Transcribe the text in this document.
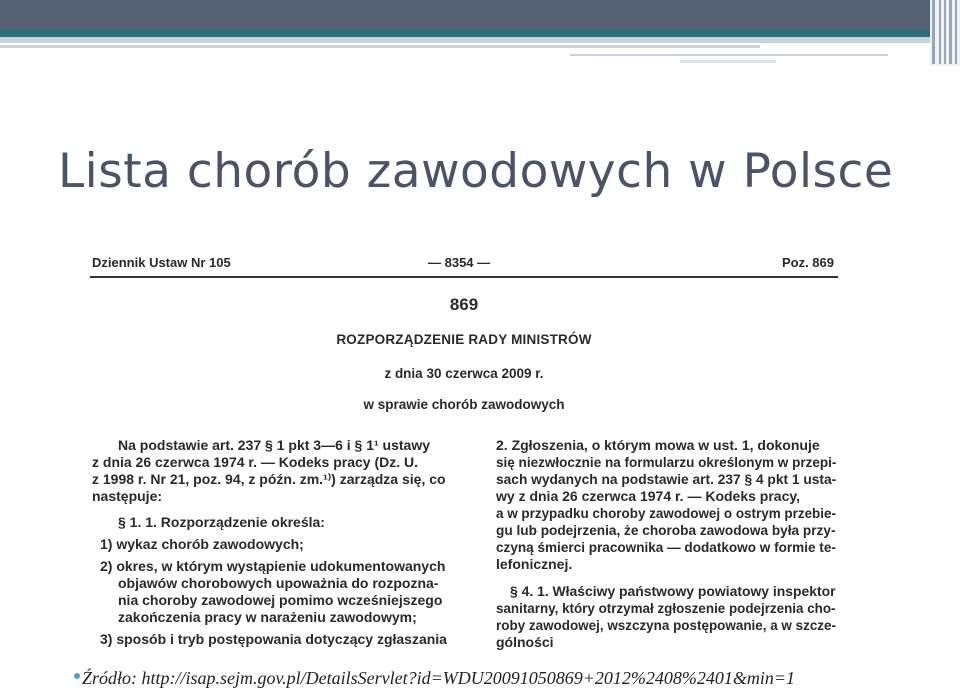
Lista chorób zawodowych w Polsce
Dziennik Ustaw Nr 105	— 8354 —	Poz. 869
869
ROZPORZĄDZENIE RADY MINISTRÓW
z dnia 30 czerwca 2009 r.
w sprawie chorób zawodowych
Na podstawie art. 237 § 1 pkt 3—6 i § 1¹ ustawy
z dnia 26 czerwca 1974 r. — Kodeks pracy (Dz. U.
z 1998 r. Nr 21, poz. 94, z późn. zm.¹⁾) zarządza się, co
następuje:
§ 1. 1. Rozporządzenie określa:
1) wykaz chorób zawodowych;
2) okres, w którym wystąpienie udokumentowanych
objawów chorobowych upoważnia do rozpozna-
nia choroby zawodowej pomimo wcześniejszego
zakończenia pracy w narażeniu zawodowym;
3) sposób i tryb postępowania dotyczący zgłaszania
2. Zgłoszenia, o którym mowa w ust. 1, dokonuje
się niezwłocznie na formularzu określonym w przepi-
sach wydanych na podstawie art. 237 § 4 pkt 1 usta-
wy z dnia 26 czerwca 1974 r. — Kodeks pracy,
a w przypadku choroby zawodowej o ostrym przebie-
gu lub podejrzenia, że choroba zawodowa była przy-
czyną śmierci pracownika — dodatkowo w formie te-
lefonicznej.
§ 4. 1. Właściwy państwowy powiatowy inspektor
sanitarny, który otrzymał zgłoszenie podejrzenia cho-
roby zawodowej, wszczyna postępowanie, a w szcze-
gólności
Źródło: http://isap.sejm.gov.pl/DetailsServlet?id=WDU20091050869+2012%2408%2401&min=1
